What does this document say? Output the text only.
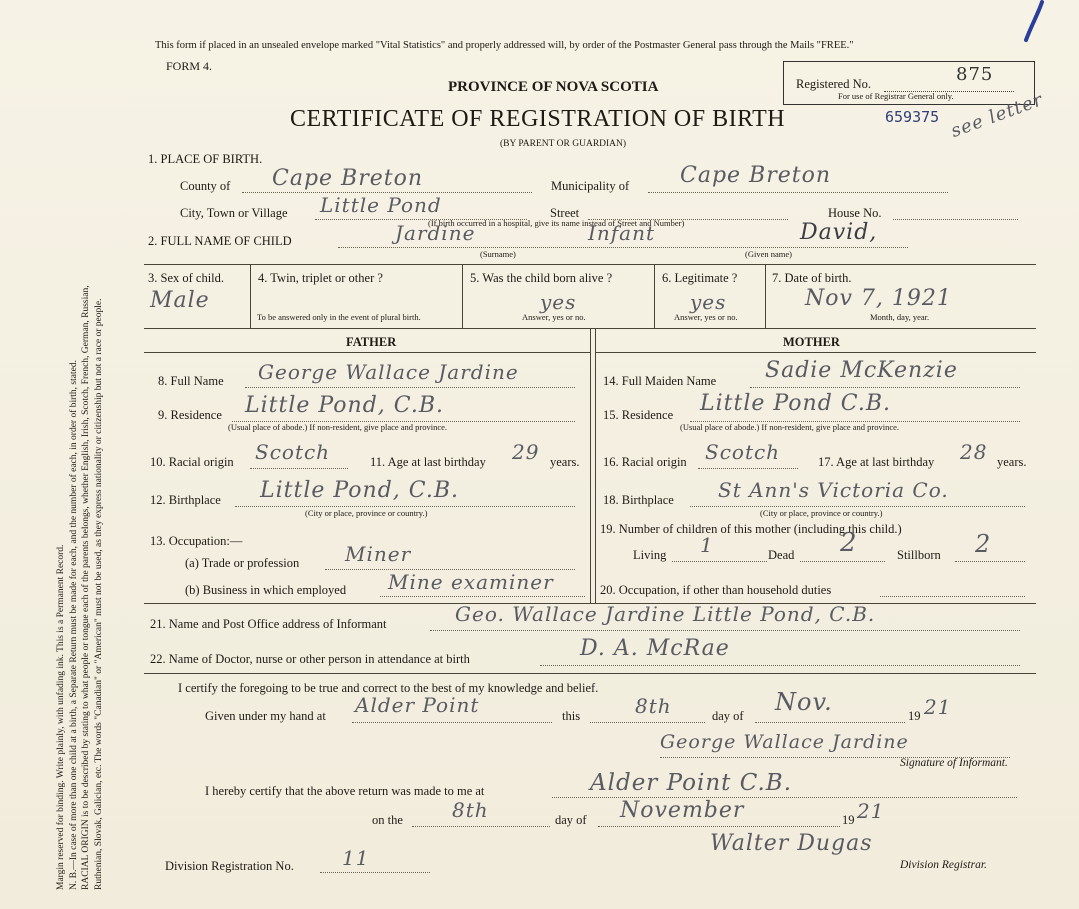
Margin reserved for binding. Write plainly, with unfading ink. This is a Permanent Record. N. B.—In case of more than one child at a birth, a Separate Return must be made for each, and the number of each, in order of birth, stated. RACIAL ORIGIN is to be described by stating to what people or tongue each of the parents belongs, whether English, Irish, Scotch, French, German, Russian, Ruthenian, Slovak, Galician, etc. The words "Canadian" or "American" must not be used, as they express nationality or citizenship but not a race or people.
This form if placed in an unsealed envelope marked "Vital Statistics" and properly addressed will, by order of the Postmaster General pass through the Mails "FREE."
FORM 4.
PROVINCE OF NOVA SCOTIA	Registered No.	875
For use of Registrar General only.
CERTIFICATE OF REGISTRATION OF BIRTH	659375
(BY PARENT OR GUARDIAN)
1. PLACE OF BIRTH.
County of Cape Breton	Municipality of Cape Breton
see letter
City, Town or Village Little Pond	Street	House No.
(If birth occurred in a hospital, give its name instead of Street and Number)
2. FULL NAME OF CHILD	Jardine	Infant	David,
(Surname)	(Given name)
3. Sex of child.
Male
4. Twin, triplet or other ?
To be answered only in the event of plural birth.
5. Was the child born alive ?
yes
Answer, yes or no.
6. Legitimate ?
yes
Answer, yes or no.
7. Date of birth.
Nov 7, 1921
Month, day, year.
FATHER	MOTHER
8. Full Name George Wallace Jardine
9. Residence Little Pond, C.B.
(Usual place of abode.) If non-resident, give place and province.
10. Racial origin Scotch	11. Age at last birthday 29 years.
12. Birthplace Little Pond, C.B.
(City or place, province or country.)
13. Occupation:—
(a) Trade or profession Miner
(b) Business in which employed Mine examiner
14. Full Maiden Name Sadie McKenzie
15. Residence Little Pond C.B.
(Usual place of abode.) If non-resident, give place and province.
16. Racial origin Scotch	17. Age at last birthday 28 years.
18. Birthplace St Ann's Victoria Co.
(City or place, province or country.)
19. Number of children of this mother (including this child.)
Living 1	Dead 2	Stillborn 2
20. Occupation, if other than household duties
21. Name and Post Office address of Informant	Geo. Wallace Jardine Little Pond, C.B.
22. Name of Doctor, nurse or other person in attendance at birth	D. A. McRae
I certify the foregoing to be true and correct to the best of my knowledge and belief.
Given under my hand at Alder Point	this	8th	day of Nov.	19 21
George Wallace Jardine
Signature of Informant.
I hereby certify that the above return was made to me at	Alder Point C.B.
on the 8th	day of November	19 21
Walter Dugas
Division Registrar.
Division Registration No. 11
